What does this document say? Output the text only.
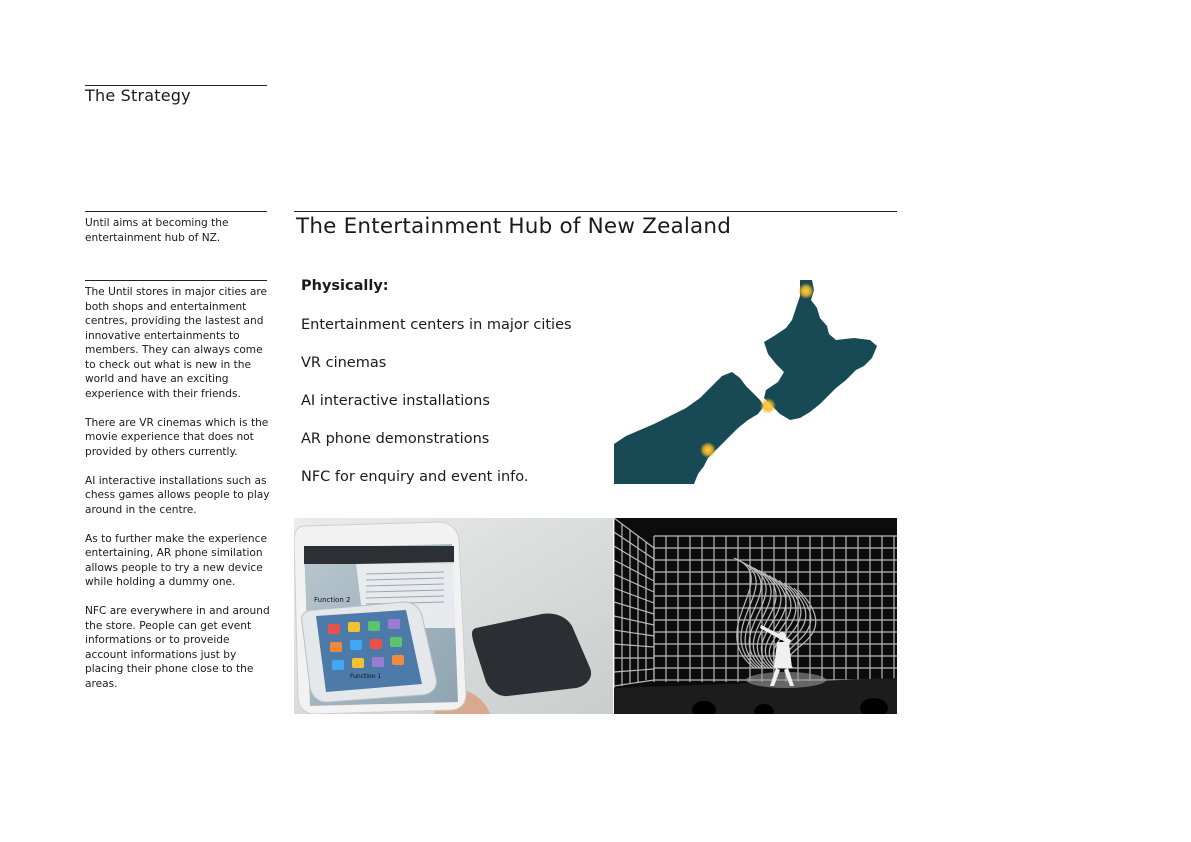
The Strategy

Until aims at becoming the entertainment hub of NZ.

The Until stores in major cities are both shops and entertainment centres, providing the lastest and innovative entertainments to members. They can always come to check out what is new in the world and have an exciting experience with their friends.

There are VR cinemas which is the movie experience that does not provided by others currently.

AI interactive installations such as chess games allows people to play around in the centre.

As to further make the experience entertaining, AR phone similation allows people to try a new device while holding a dummy one.

NFC are everywhere in and around the store. People can get event informations or to proveide account informations just by placing their phone close to the areas.

The Entertainment Hub of New Zealand
Physically:
Entertainment centers in major cities
VR cinemas
AI interactive installations
AR phone demonstrations
NFC for enquiry and event info.
Function 2
Function 1
